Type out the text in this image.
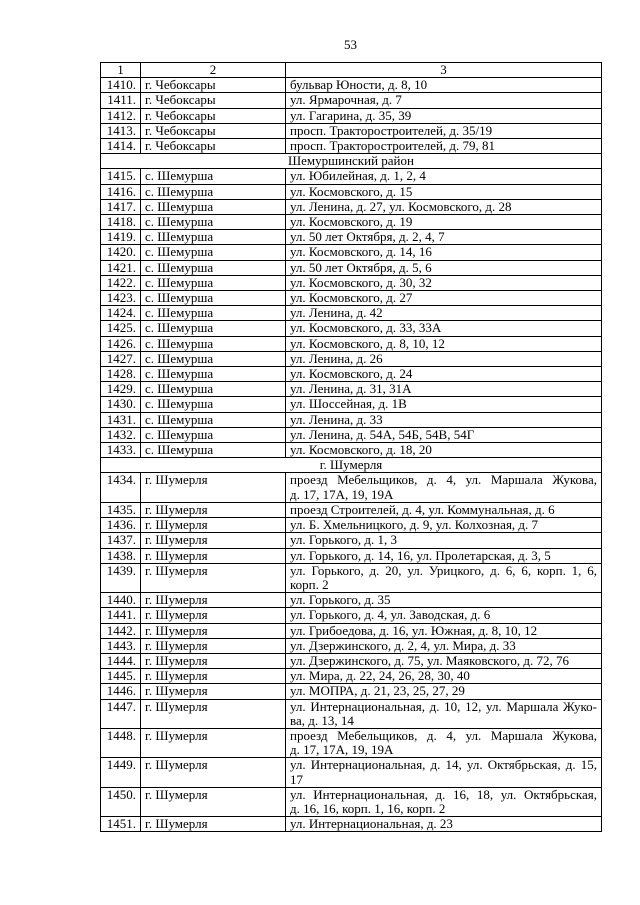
53
1	2	3
1410.	г. Чебоксары	бульвар Юности, д. 8, 10

1411.	г. Чебоксары	ул. Ярмарочная, д. 7

1412.	г. Чебоксары	ул. Гагарина, д. 35, 39

1413.	г. Чебоксары	просп. Тракторостроителей, д. 35/19

1414.	г. Чебоксары	просп. Тракторостроителей, д. 79, 81

Шемуршинский район		
1415.	с. Шемурша	ул. Юбилейная, д. 1, 2, 4

1416.	с. Шемурша	ул. Космовского, д. 15

1417.	с. Шемурша	ул. Ленина, д. 27, ул. Космовского, д. 28

1418.	с. Шемурша	ул. Космовского, д. 19

1419.	с. Шемурша	ул. 50 лет Октября, д. 2, 4, 7

1420.	с. Шемурша	ул. Космовского, д. 14, 16

1421.	с. Шемурша	ул. 50 лет Октября, д. 5, 6

1422.	с. Шемурша	ул. Космовского, д. 30, 32

1423.	с. Шемурша	ул. Космовского, д. 27

1424.	с. Шемурша	ул. Ленина, д. 42

1425.	с. Шемурша	ул. Космовского, д. 33, 33А

1426.	с. Шемурша	ул. Космовского, д. 8, 10, 12

1427.	с. Шемурша	ул. Ленина, д. 26

1428.	с. Шемурша	ул. Космовского, д. 24

1429.	с. Шемурша	ул. Ленина, д. 31, 31А

1430.	с. Шемурша	ул. Шоссейная, д. 1В

1431.	с. Шемурша	ул. Ленина, д. 33

1432.	с. Шемурша	ул. Ленина, д. 54А, 54Б, 54В, 54Г

1433.	с. Шемурша	ул. Космовского, д. 18, 20

г. Шумерля		
1434.	г. Шумерля	проезд Мебельщиков, д. 4, ул. Маршала Жукова,
д. 17, 17А, 19, 19А

1435.	г. Шумерля	проезд Строителей, д. 4, ул. Коммунальная, д. 6

1436.	г. Шумерля	ул. Б. Хмельницкого, д. 9, ул. Колхозная, д. 7

1437.	г. Шумерля	ул. Горького, д. 1, 3

1438.	г. Шумерля	ул. Горького, д. 14, 16, ул. Пролетарская, д. 3, 5

1439.	г. Шумерля	ул. Горького, д. 20, ул. Урицкого, д. 6, 6, корп. 1, 6,
корп. 2

1440.	г. Шумерля	ул. Горького, д. 35

1441.	г. Шумерля	ул. Горького, д. 4, ул. Заводская, д. 6

1442.	г. Шумерля	ул. Грибоедова, д. 16, ул. Южная, д. 8, 10, 12

1443.	г. Шумерля	ул. Дзержинского, д. 2, 4, ул. Мира, д. 33

1444.	г. Шумерля	ул. Дзержинского, д. 75, ул. Маяковского, д. 72, 76

1445.	г. Шумерля	ул. Мира, д. 22, 24, 26, 28, 30, 40

1446.	г. Шумерля	ул. МОПРА, д. 21, 23, 25, 27, 29

1447.	г. Шумерля	ул. Интернациональная, д. 10, 12, ул. Маршала Жуко-
ва, д. 13, 14

1448.	г. Шумерля	проезд Мебельщиков, д. 4, ул. Маршала Жукова,
д. 17, 17А, 19, 19А

1449.	г. Шумерля	ул. Интернациональная, д. 14, ул. Октябрьская, д. 15,
17

1450.	г. Шумерля	ул. Интернациональная, д. 16, 18, ул. Октябрьская,
д. 16, 16, корп. 1, 16, корп. 2

1451.	г. Шумерля	ул. Интернациональная, д. 23
